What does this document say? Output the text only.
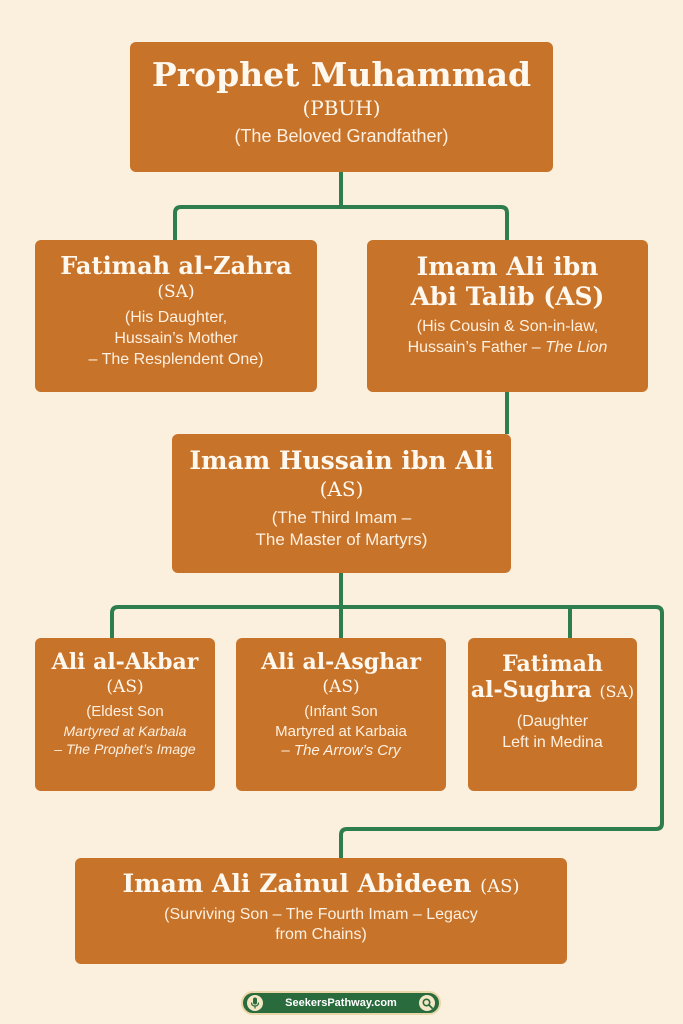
Prophet Muhammad
(PBUH)
(The Beloved Grandfather)
Fatimah al-Zahra
(SA)
(His Daughter,
Hussain’s Mother
– The Resplendent One)
Imam Ali ibn
Abi Talib (AS)
(His Cousin & Son-in-law,
Hussain’s Father – The Lion
Imam Hussain ibn Ali
(AS)
(The Third Imam –
The Master of Martyrs)
Ali al-Akbar
(AS)
(Eldest Son
Martyred at Karbala
– The Prophet’s Image
Ali al-Asghar
(AS)
(Infant Son
Martyred at Karbaia
– The Arrow’s Cry
Fatimah
al-Sughra (SA)
(Daughter
Left in Medina
Imam Ali Zainul Abideen (AS)
(Surviving Son – The Fourth Imam – Legacy
from Chains)
SeekersPathway.com
